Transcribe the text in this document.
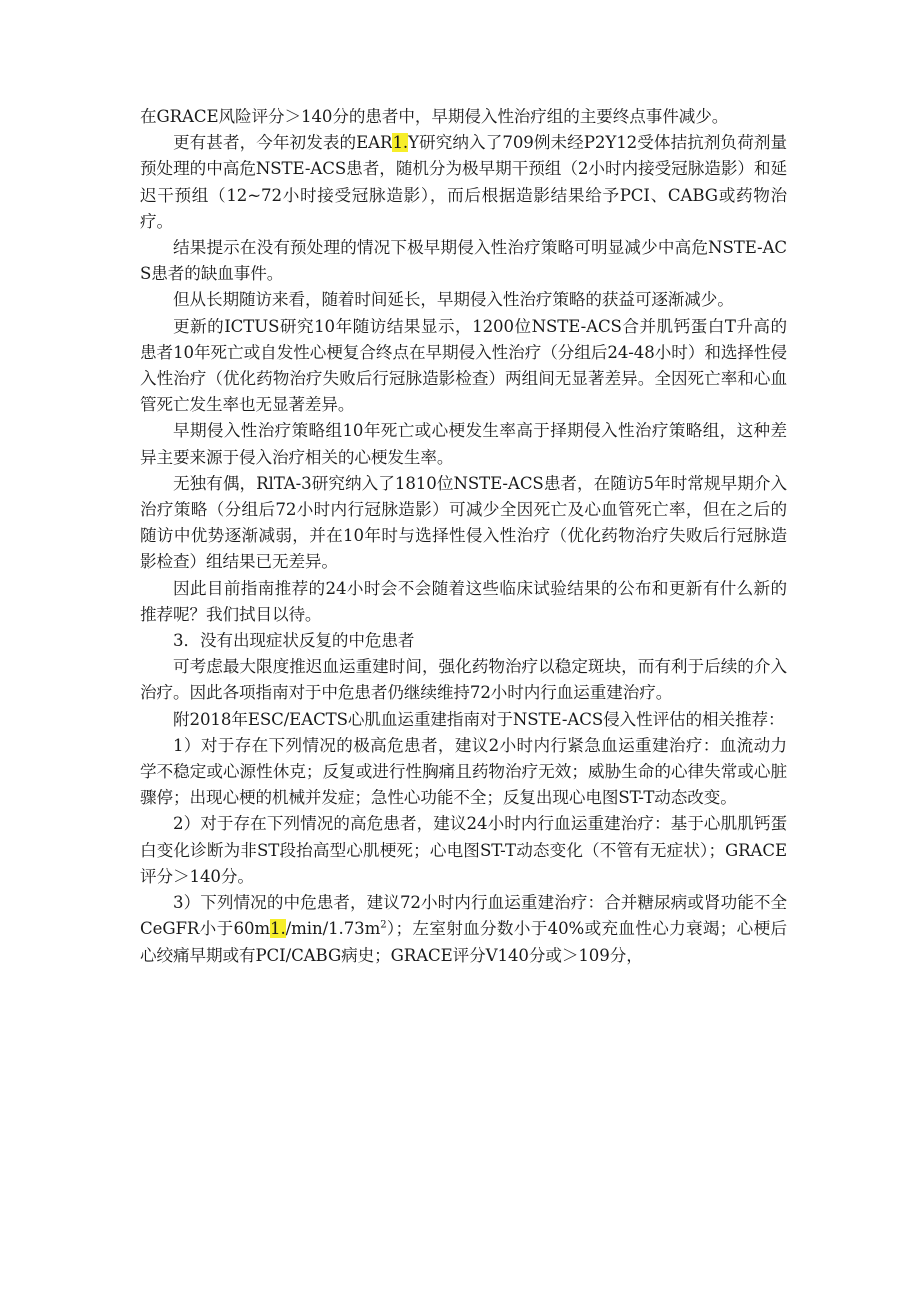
在GRACE风险评分＞140分的患者中，早期侵入性治疗组的主要终点事件减少。

更有甚者，今年初发表的EAR1.Y研究纳入了709例未经P2Y12受体拮抗剂负荷剂量预处理的中高危NSTE-ACS患者，随机分为极早期干预组（2小时内接受冠脉造影）和延迟干预组（12~72小时接受冠脉造影），而后根据造影结果给予PCI、CABG或药物治疗。

结果提示在没有预处理的情况下极早期侵入性治疗策略可明显减少中高危NSTE-ACS患者的缺血事件。

但从长期随访来看，随着时间延长，早期侵入性治疗策略的获益可逐渐减少。

更新的ICTUS研究10年随访结果显示，1200位NSTE-ACS合并肌钙蛋白T升高的患者10年死亡或自发性心梗复合终点在早期侵入性治疗（分组后24-48小时）和选择性侵入性治疗（优化药物治疗失败后行冠脉造影检查）两组间无显著差异。全因死亡率和心血管死亡发生率也无显著差异。

早期侵入性治疗策略组10年死亡或心梗发生率高于择期侵入性治疗策略组，这种差异主要来源于侵入治疗相关的心梗发生率。

无独有偶，RlTA-3研究纳入了1810位NSTE-ACS患者，在随访5年时常规早期介入治疗策略（分组后72小时内行冠脉造影）可减少全因死亡及心血管死亡率，但在之后的随访中优势逐渐减弱，并在10年时与选择性侵入性治疗（优化药物治疗失败后行冠脉造影检查）组结果已无差异。

因此目前指南推荐的24小时会不会随着这些临床试验结果的公布和更新有什么新的推荐呢？我们拭目以待。

3．没有出现症状反复的中危患者

可考虑最大限度推迟血运重建时间，强化药物治疗以稳定斑块，而有利于后续的介入治疗。因此各项指南对于中危患者仍继续维持72小时内行血运重建治疗。

附2018年ESC/EACTS心肌血运重建指南对于NSTE-ACS侵入性评估的相关推荐：

1）对于存在下列情况的极高危患者，建议2小时内行紧急血运重建治疗：血流动力学不稳定或心源性休克；反复或进行性胸痛且药物治疗无效；威胁生命的心律失常或心脏骤停；出现心梗的机械并发症；急性心功能不全；反复出现心电图ST-T动态改变。

2）对于存在下列情况的高危患者，建议24小时内行血运重建治疗：基于心肌肌钙蛋白变化诊断为非ST段抬高型心肌梗死；心电图ST-T动态变化（不管有无症状）；GRACE评分＞140分。

3）下列情况的中危患者，建议72小时内行血运重建治疗：合并糖尿病或肾功能不全CeGFR小于$60m1./\min/1.73m^2$）；左室射血分数小于40%或充血性心力衰竭；心梗后心绞痛早期或有PCI/CABG病史；GRACE评分V140分或＞109分，
